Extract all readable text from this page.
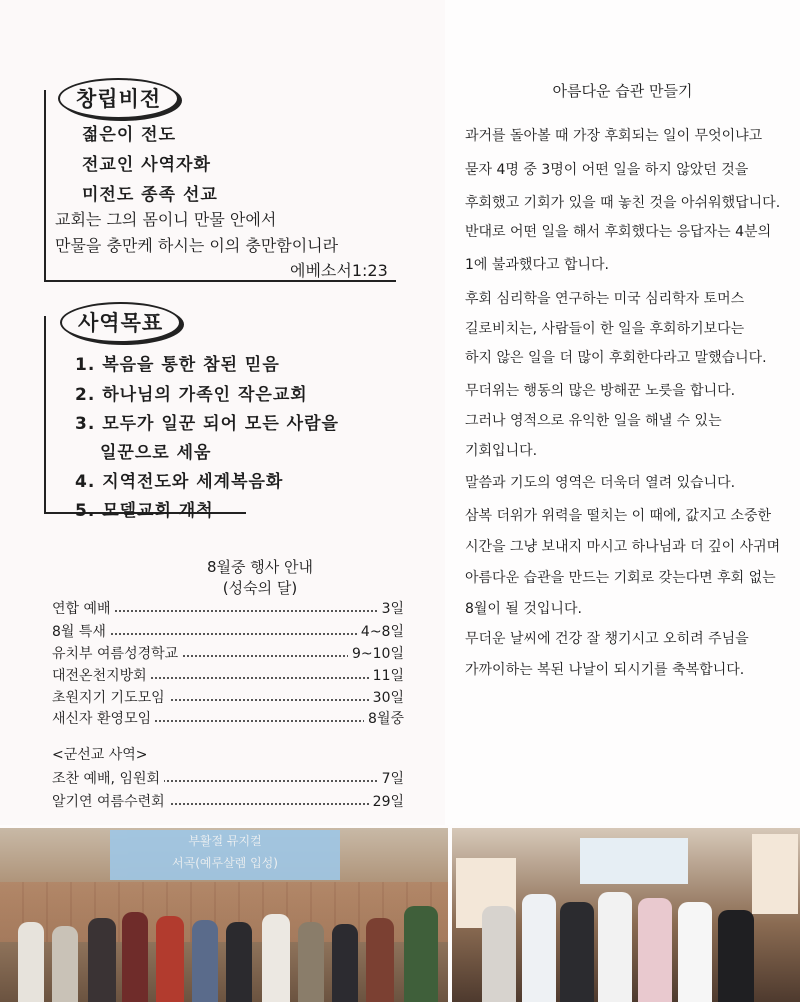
창립비전
젊은이 전도
전교인 사역자화
미전도 종족 선교
교회는 그의 몸이니 만물 안에서
만물을 충만케 하시는 이의 충만함이니라
에베소서1:23
사역목표
1. 복음을 통한 참된 믿음
2. 하나님의 가족인 작은교회
3. 모두가 일꾼 되어 모든 사람을
일꾼으로 세움
4. 지역전도와 세계복음화
5. 모델교회 개척
8월중 행사 안내
(성숙의 달)
연합 예배	3일
8월 특새	4~8일
유치부 여름성경학교	9~10일
대전온천지방회	11일
초원지기 기도모임	30일
새신자 환영모임	8월중
<군선교 사역>
조찬 예배, 임원회	7일
알기연 여름수련회	29일
아름다운 습관 만들기
과거를 돌아볼 때 가장 후회되는 일이 무엇이냐고
묻자 4명 중 3명이 어떤 일을 하지 않았던 것을
후회했고 기회가 있을 때 놓친 것을 아쉬워했답니다.
반대로 어떤 일을 해서 후회했다는 응답자는 4분의
1에 불과했다고 합니다.
후회 심리학을 연구하는 미국 심리학자 토머스
길로비치는, 사람들이 한 일을 후회하기보다는
하지 않은 일을 더 많이 후회한다라고 말했습니다.
무더위는 행동의 많은 방해꾼 노릇을 합니다.
그러나 영적으로 유익한 일을 해낼 수 있는
기회입니다.
말씀과 기도의 영역은 더욱더 열려 있습니다.
삼복 더위가 위력을 떨치는 이 때에, 값지고 소중한
시간을 그냥 보내지 마시고 하나님과 더 깊이 사귀며
아름다운 습관을 만드는 기회로 갖는다면 후회 없는
8월이 될 것입니다.
무더운 날씨에 건강 잘 챙기시고 오히려 주님을
가까이하는 복된 나날이 되시기를 축복합니다.
부활절 뮤지컬
서곡(예루살렘 입성)
